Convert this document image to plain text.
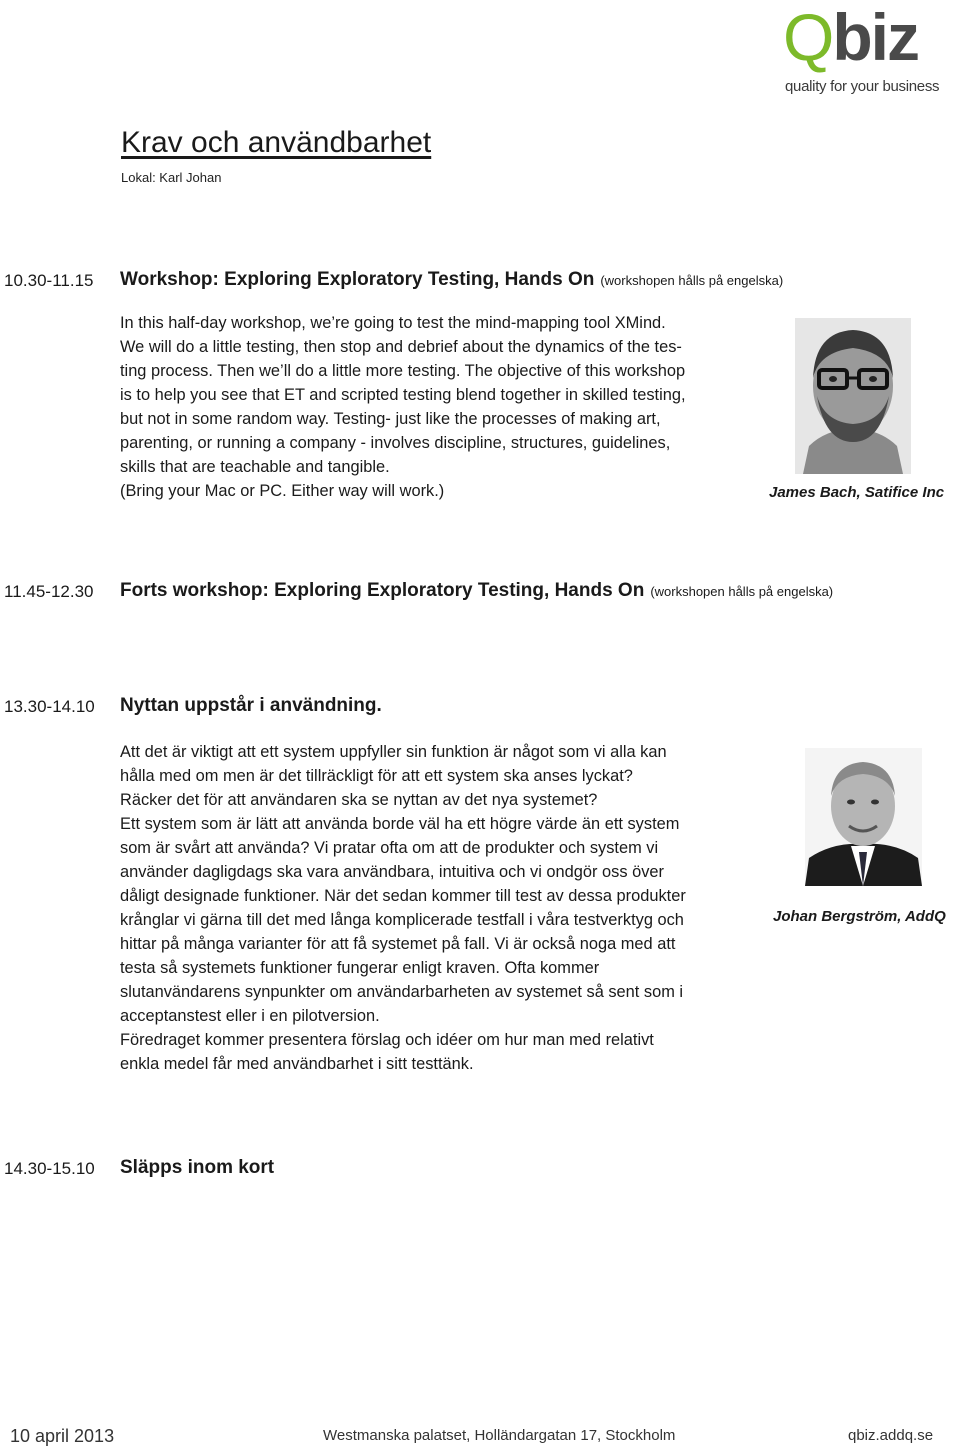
Qbiz
quality for your business
Krav och användbarhet
Lokal: Karl Johan
10.30-11.15 Workshop: Exploring Exploratory Testing, Hands On (workshopen hålls på engelska)

In this half-day workshop, we’re going to test the mind-mapping tool XMind.

We will do a little testing, then stop and debrief about the dynamics of the tes-

ting process. Then we’ll do a little more testing. The objective of this workshop

is to help you see that ET and scripted testing blend together in skilled testing,

but not in some random way. Testing- just like the processes of making art,

parenting, or running a company - involves discipline, structures, guidelines,

skills that are teachable and tangible.

(Bring your Mac or PC. Either way will work.)	James Bach, Satifice Inc
11.45-12.30 Forts workshop: Exploring Exploratory Testing, Hands On (workshopen hålls på engelska)
13.30-14.10 Nyttan uppstår i användning.

Att det är viktigt att ett system uppfyller sin funktion är något som vi alla kan

hålla med om men är det tillräckligt för att ett system ska anses lyckat?

Räcker det för att användaren ska se nyttan av det nya systemet?

Ett system som är lätt att använda borde väl ha ett högre värde än ett system

som är svårt att använda? Vi pratar ofta om att de produkter och system vi

använder dagligdags ska vara användbara, intuitiva och vi ondgör oss över

dåligt designade funktioner. När det sedan kommer till test av dessa produkter

krånglar vi gärna till det med långa komplicerade testfall i våra testverktyg och

hittar på många varianter för att få systemet på fall. Vi är också noga med att

testa så systemets funktioner fungerar enligt kraven. Ofta kommer

slutanvändarens synpunkter om användarbarheten av systemet så sent som i

acceptanstest eller i en pilotversion.

Föredraget kommer presentera förslag och idéer om hur man med relativt

enkla medel får med användbarhet i sitt testtänk.

Johan Bergström, AddQ
14.30-15.10 Släpps inom kort
10 april 2013	Westmanska palatset, Holländargatan 17, Stockholm	qbiz.addq.se
